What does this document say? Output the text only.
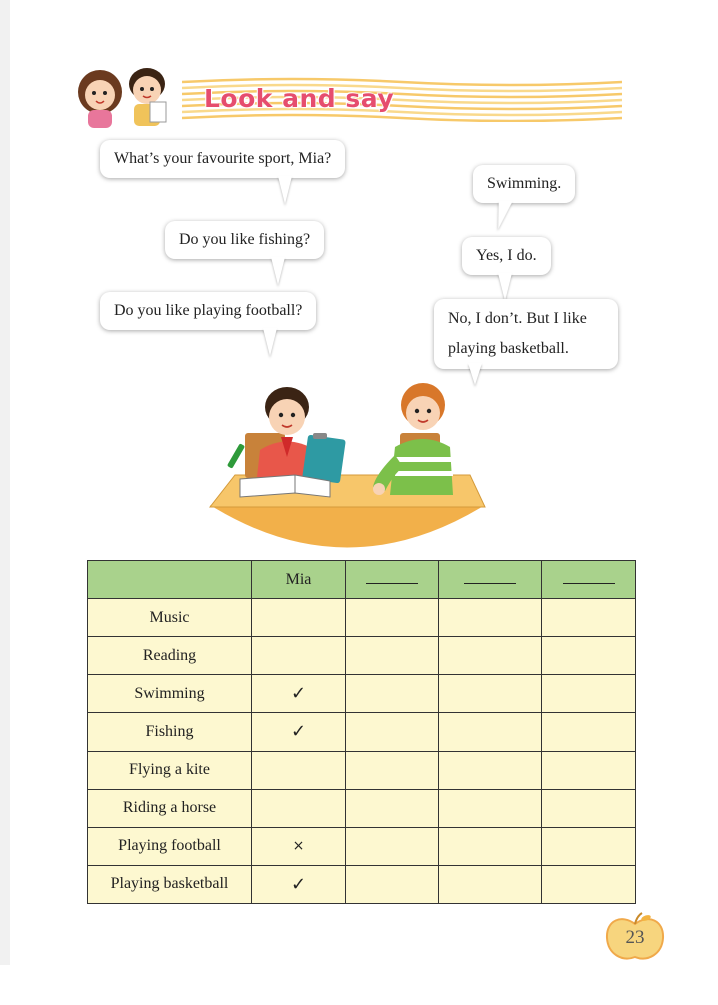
Look and say
What’s your favourite sport, Mia?
Do you like fishing?
Do you like playing football?
Swimming.
Yes, I do.
No, I don’t. But I like playing basketball.
	Mia			
Music				
Reading				
Swimming	✓			
Fishing	✓			
Flying a kite				
Riding a horse				
Playing football	×			
Playing basketball	✓			
23
